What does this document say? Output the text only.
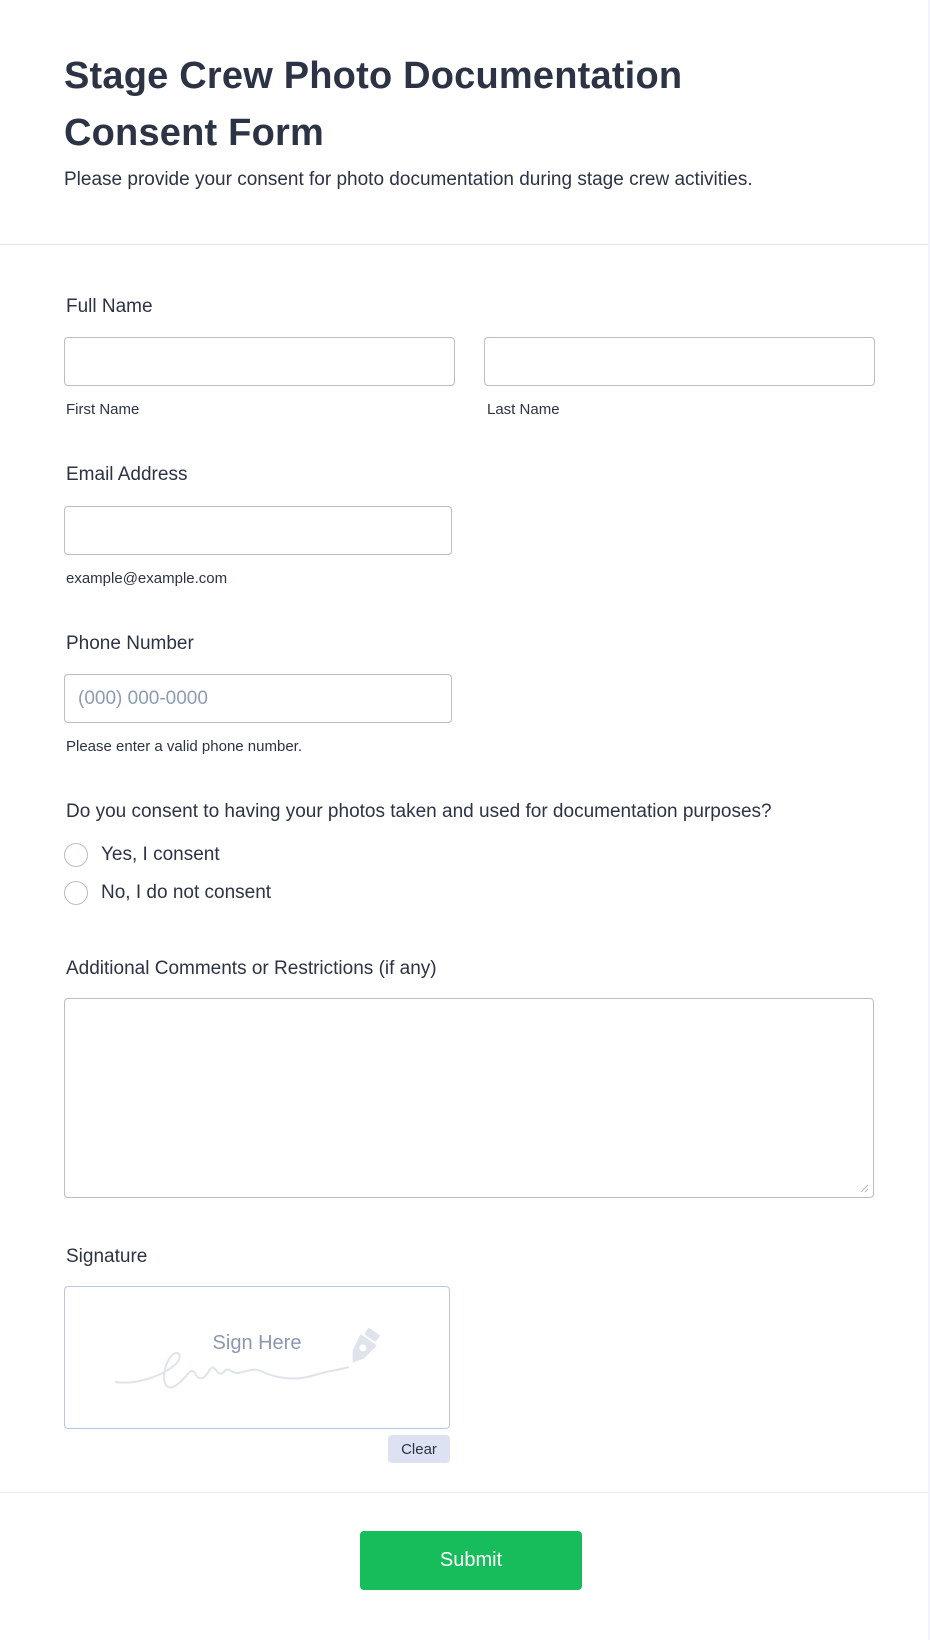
Stage Crew Photo Documentation Consent Form

Please provide your consent for photo documentation during stage crew activities.

Full Name
First Name	Last Name
Email Address
example@example.com
Phone Number
(000) 000-0000
Please enter a valid phone number.
Do you consent to having your photos taken and used for documentation purposes?
Yes, I consent
No, I do not consent
Additional Comments or Restrictions (if any)
Signature
Sign Here
Clear
Submit
